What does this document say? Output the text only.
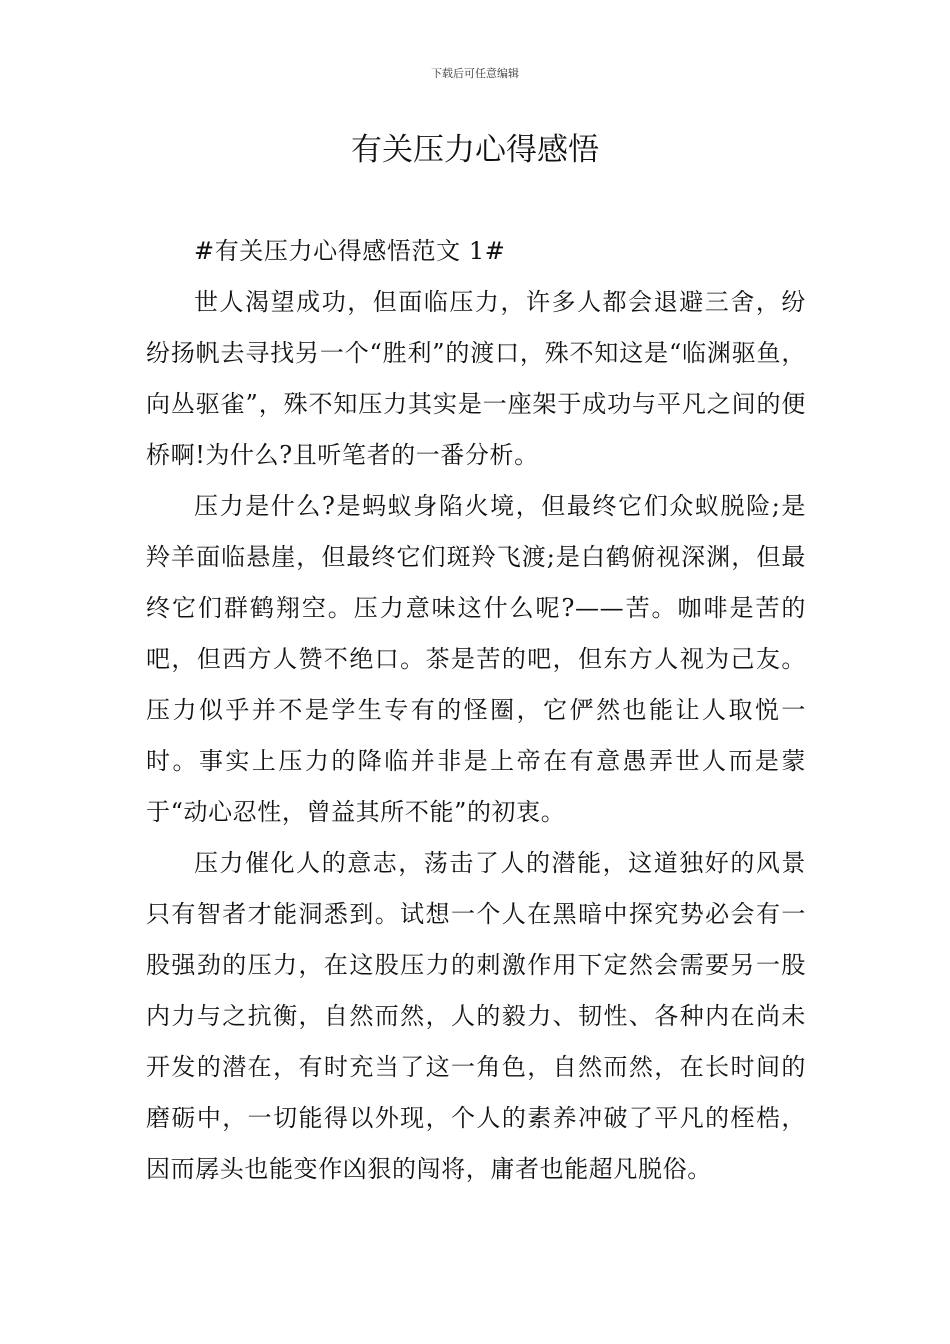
下载后可任意编辑
有关压力心得感悟

#有关压力心得感悟范文 1#

世人渴望成功，但面临压力，许多人都会退避三舍，纷纷扬帆去寻找另一个“胜利”的渡口，殊不知这是“临渊驱鱼，向丛驱雀”，殊不知压力其实是一座架于成功与平凡之间的便桥啊!为什么?且听笔者的一番分析。

压力是什么?是蚂蚁身陷火境，但最终它们众蚁脱险;是羚羊面临悬崖，但最终它们斑羚飞渡;是白鹤俯视深渊，但最终它们群鹤翔空。压力意味这什么呢?——苦。咖啡是苦的吧，但西方人赞不绝口。茶是苦的吧，但东方人视为己友。压力似乎并不是学生专有的怪圈，它俨然也能让人取悦一时。事实上压力的降临并非是上帝在有意愚弄世人而是蒙于“动心忍性，曾益其所不能”的初衷。

压力催化人的意志，荡击了人的潜能，这道独好的风景只有智者才能洞悉到。试想一个人在黑暗中探究势必会有一股强劲的压力，在这股压力的刺激作用下定然会需要另一股内力与之抗衡，自然而然，人的毅力、韧性、各种内在尚未开发的潜在，有时充当了这一角色，自然而然，在长时间的磨砺中，一切能得以外现，个人的素养冲破了平凡的桎梏，因而孱头也能变作凶狠的闯将，庸者也能超凡脱俗。
